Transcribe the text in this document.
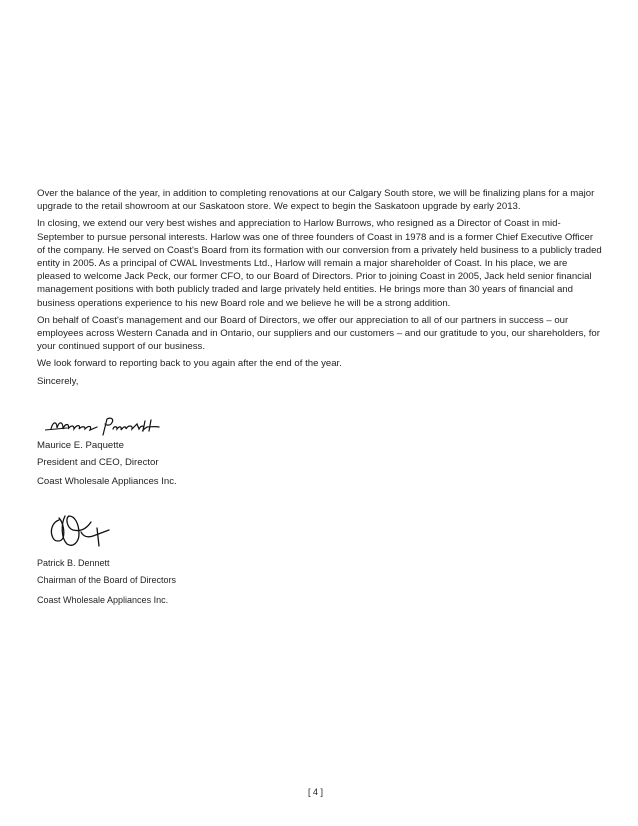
Over the balance of the year, in addition to completing renovations at our Calgary South store, we will be finalizing plans for a major upgrade to the retail showroom at our Saskatoon store. We expect to begin the Saskatoon upgrade by early 2013.

In closing, we extend our very best wishes and appreciation to Harlow Burrows, who resigned as a Director of Coast in mid-September to pursue personal interests. Harlow was one of three founders of Coast in 1978 and is a former Chief Executive Officer of the company. He served on Coast's Board from its formation with our conversion from a privately held business to a publicly traded entity in 2005. As a principal of CWAL Investments Ltd., Harlow will remain a major shareholder of Coast. In his place, we are pleased to welcome Jack Peck, our former CFO, to our Board of Directors. Prior to joining Coast in 2005, Jack held senior financial management positions with both publicly traded and large privately held entities. He brings more than 30 years of financial and business operations experience to his new Board role and we believe he will be a strong addition.

On behalf of Coast's management and our Board of Directors, we offer our appreciation to all of our partners in success – our employees across Western Canada and in Ontario, our suppliers and our customers – and our gratitude to you, our shareholders, for your continued support of our business.

We look forward to reporting back to you again after the end of the year.

Sincerely,

Maurice E. Paquette

President and CEO, Director

Coast Wholesale Appliances Inc.

Patrick B. Dennett

Chairman of the Board of Directors

Coast Wholesale Appliances Inc.

[ 4 ]
